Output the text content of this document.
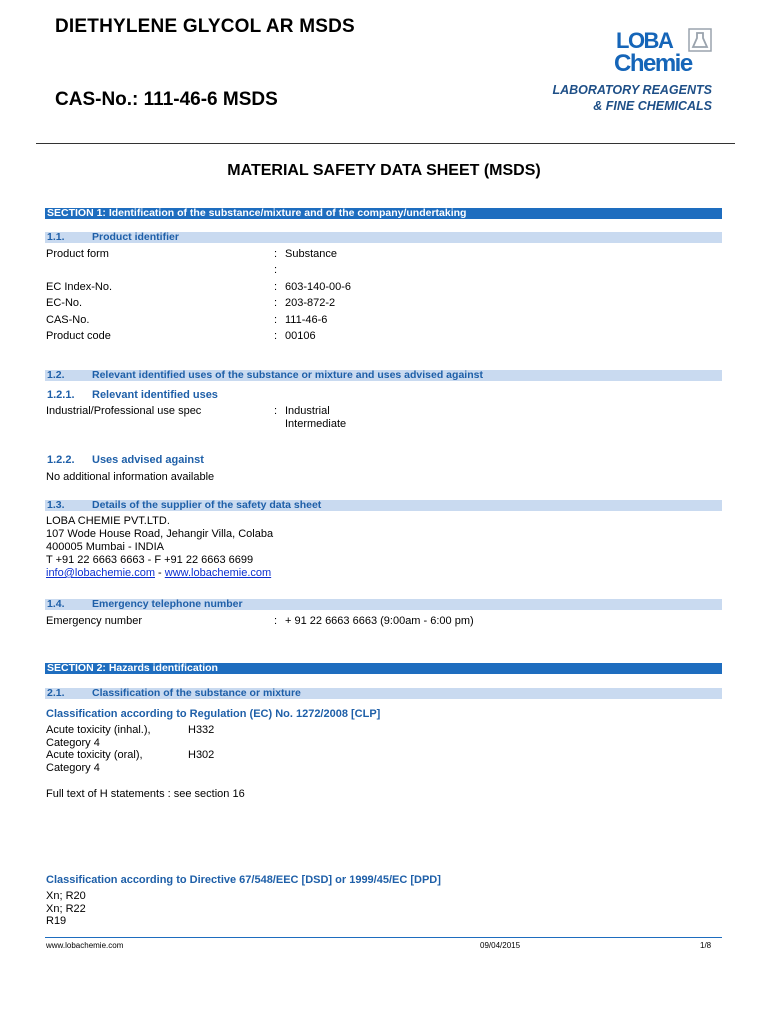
DIETHYLENE GLYCOL AR MSDS
CAS-No.: 111-46-6 MSDS
LOBA
Chemie
LABORATORY REAGENTS
& FINE CHEMICALS
MATERIAL SAFETY DATA SHEET (MSDS)
SECTION 1: Identification of the substance/mixture and of the company/undertaking
1.1.	Product identifier
Product form	: Substance
:
EC Index-No.	: 603-140-00-6
EC-No.	: 203-872-2
CAS-No.	: 111-46-6
Product code	: 00106
1.2.	Relevant identified uses of the substance or mixture and uses advised against
1.2.1. Relevant identified uses
Industrial/Professional use spec	: Industrial
Intermediate
1.2.2. Uses advised against
No additional information available
1.3.	Details of the supplier of the safety data sheet
LOBA CHEMIE PVT.LTD.
107 Wode House Road, Jehangir Villa, Colaba
400005 Mumbai - INDIA
T +91 22 6663 6663 - F +91 22 6663 6699
info@lobachemie.com - www.lobachemie.com
1.4.	Emergency telephone number
Emergency number	: + 91 22 6663 6663 (9:00am - 6:00 pm)
SECTION 2: Hazards identification
2.1.	Classification of the substance or mixture
Classification according to Regulation (EC) No. 1272/2008 [CLP]
Acute toxicity (inhal.),	H332
Category 4
Acute toxicity (oral),	H302
Category 4
Full text of H statements : see section 16
Classification according to Directive 67/548/EEC [DSD] or 1999/45/EC [DPD]
Xn; R20
Xn; R22
R19
www.lobachemie.com	09/04/2015	1/8
